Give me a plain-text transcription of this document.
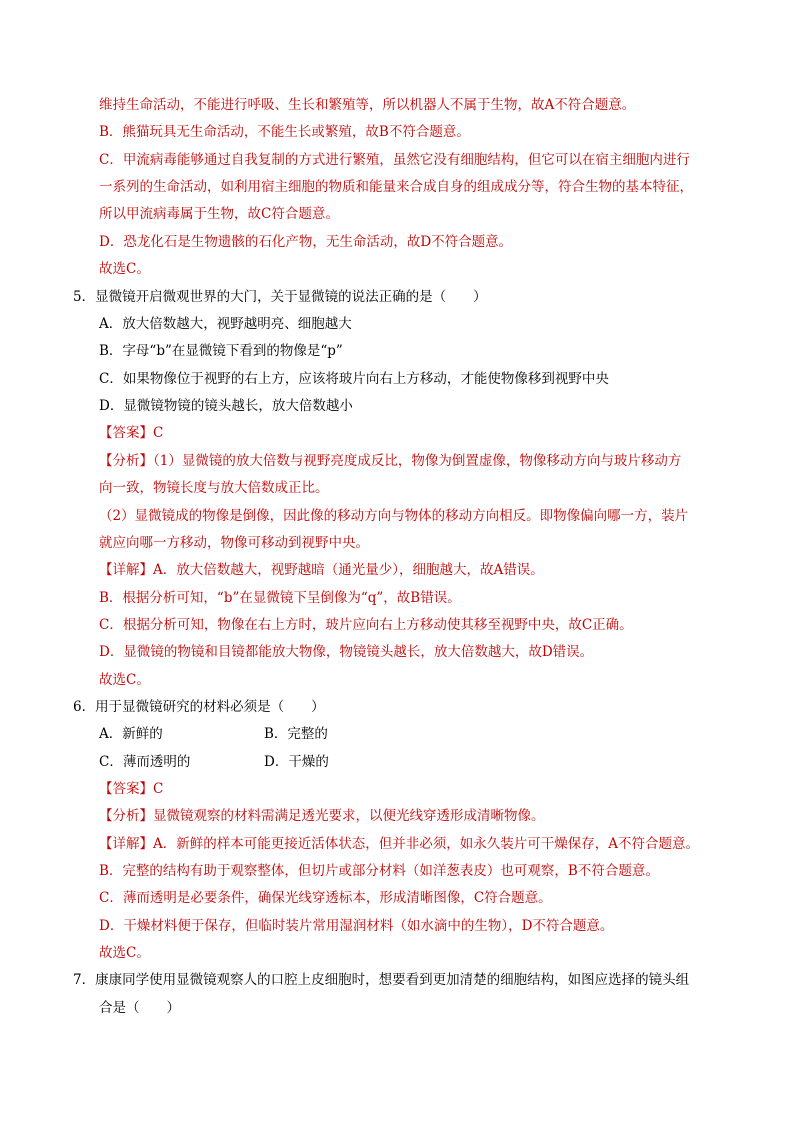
维持生命活动，不能进行呼吸、生长和繁殖等，所以机器人不属于生物，故A不符合题意。
B．熊猫玩具无生命活动，不能生长或繁殖，故B不符合题意。
C．甲流病毒能够通过自我复制的方式进行繁殖，虽然它没有细胞结构，但它可以在宿主细胞内进行
一系列的生命活动，如利用宿主细胞的物质和能量来合成自身的组成成分等，符合生物的基本特征，
所以甲流病毒属于生物，故C符合题意。
D．恐龙化石是生物遗骸的石化产物，无生命活动，故D不符合题意。
故选C。
5．显微镜开启微观世界的大门，关于显微镜的说法正确的是（　　）
A．放大倍数越大，视野越明亮、细胞越大
B．字母“b”在显微镜下看到的物像是“p”
C．如果物像位于视野的右上方，应该将玻片向右上方移动，才能使物像移到视野中央
D．显微镜物镜的镜头越长，放大倍数越小
【答案】C
【分析】（1）显微镜的放大倍数与视野亮度成反比，物像为倒置虚像，物像移动方向与玻片移动方
向一致，物镜长度与放大倍数成正比。
（2）显微镜成的物像是倒像，因此像的移动方向与物体的移动方向相反。即物像偏向哪一方，装片
就应向哪一方移动，物像可移动到视野中央。
【详解】A．放大倍数越大，视野越暗（通光量少），细胞越大，故A错误。
B．根据分析可知，“b”在显微镜下呈倒像为“q”，故B错误。
C．根据分析可知，物像在右上方时，玻片应向右上方移动使其移至视野中央，故C正确。
D．显微镜的物镜和目镜都能放大物像，物镜镜头越长，放大倍数越大，故D错误。
故选C。
6．用于显微镜研究的材料必须是（　　）
A．新鲜的	B．完整的
C．薄而透明的	D．干燥的
【答案】C
【分析】显微镜观察的材料需满足透光要求，以便光线穿透形成清晰物像。
【详解】A．新鲜的样本可能更接近活体状态，但并非必须，如永久装片可干燥保存，A不符合题意。
B．完整的结构有助于观察整体，但切片或部分材料（如洋葱表皮）也可观察，B不符合题意。
C．薄而透明是必要条件，确保光线穿透标本，形成清晰图像，C符合题意。
D．干燥材料便于保存，但临时装片常用湿润材料（如水滴中的生物），D不符合题意。
故选C。
7．康康同学使用显微镜观察人的口腔上皮细胞时，想要看到更加清楚的细胞结构，如图应选择的镜头组
合是（　　）
